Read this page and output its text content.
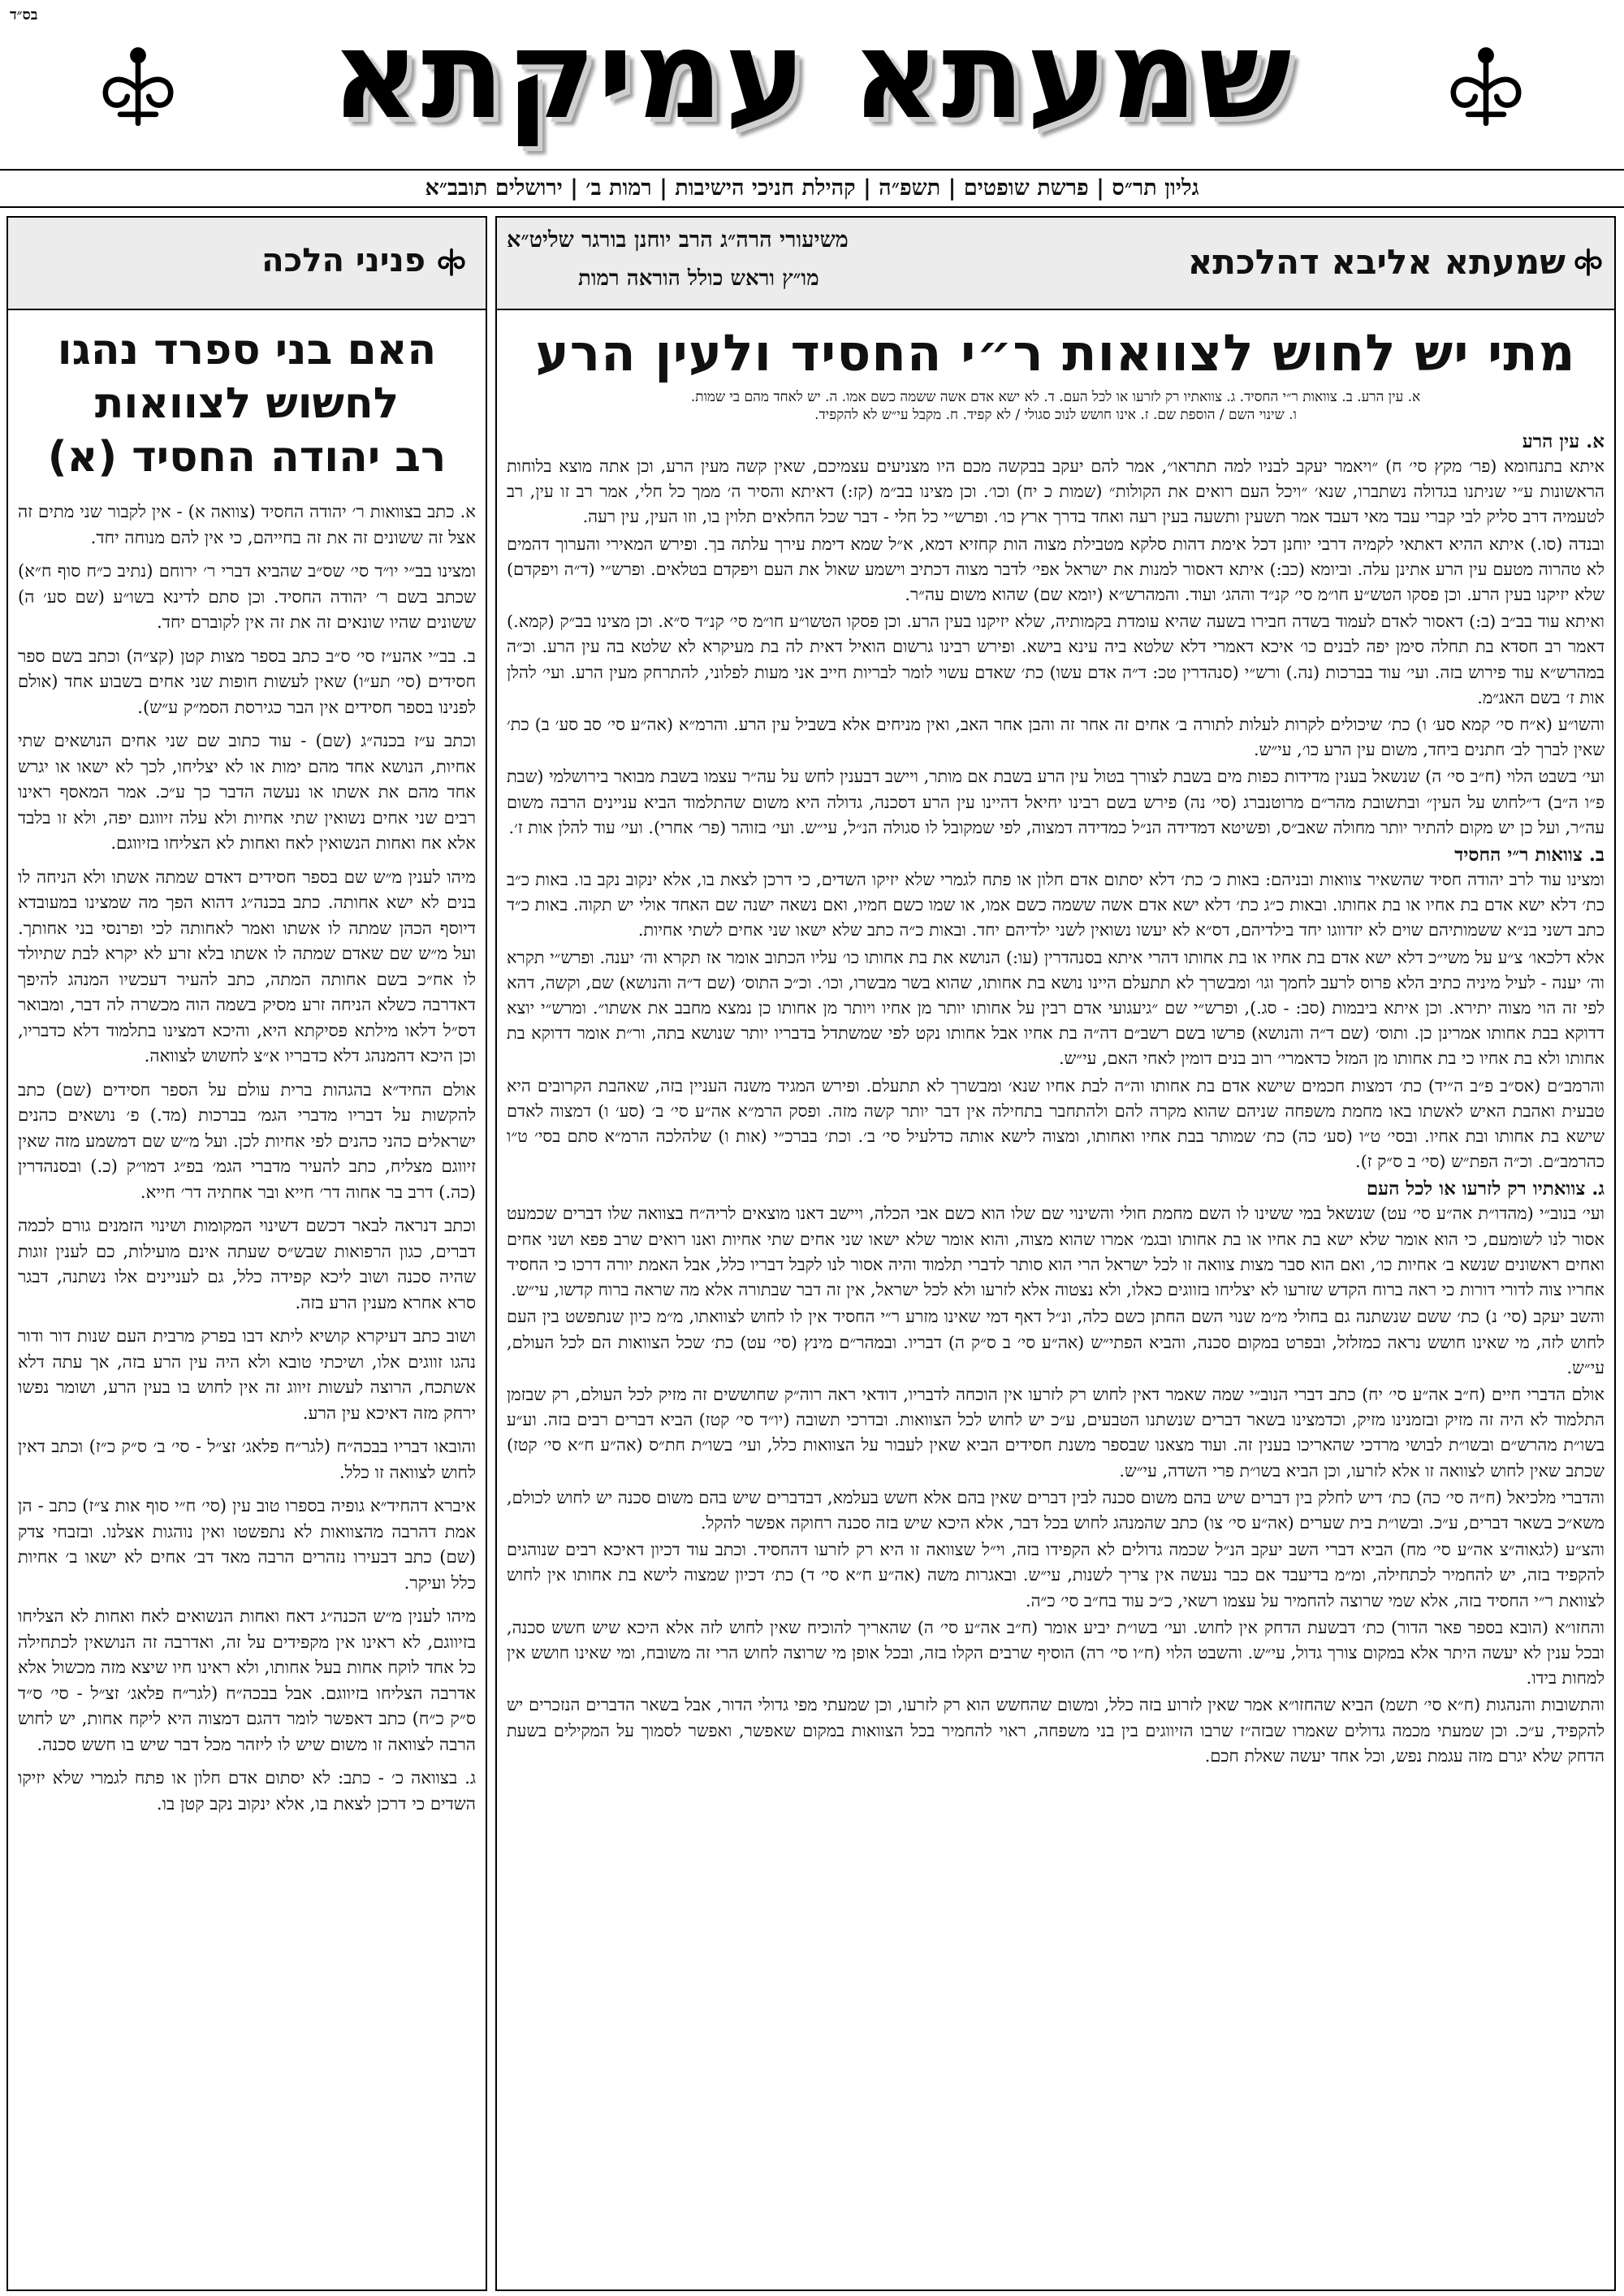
בס״ד	שמעתא עמיקתא
גליון תר״ס | פרשת שופטים | תשפ״ה | קהילת חניכי הישיבות | רמות ב׳ | ירושלים תובב״א
שמעתא אליבא דהלכתא
משיעורי הרה״ג הרב יוחנן בורגר שליט״א
מו״ץ וראש כולל הוראה רמות
מתי יש לחוש לצוואות ר״י החסיד ולעין הרע
א. עין הרע. ב. צוואות ר״י החסיד. ג. צוואתיו רק לזרעו או לכל העם. ד. לא ישא אדם אשה ששמה כשם אמו. ה. יש לאחד מהם בי שמות.
ו. שינוי השם / הוספת שם. ז. אינו חושש לנוכ סגולי / לא קפיד. ח. מקבל עי״ש לא להקפיד.
א. עין הרע

איתא בתנחומא (פר׳ מקץ סי׳ ח) ״ויאמר יעקב לבניו למה תתראו״, אמר להם יעקב בבקשה מכם היו מצניעים עצמיכם, שאין קשה מעין הרע, וכן אתה מוצא בלוחות הראשונות ע״י שניתנו בגדולה נשתברו, שנא׳ ״ויכל העם רואים את הקולות״ (שמות כ יח) וכו׳. וכן מצינו בב״מ (קז:) דאיתא והסיר ה׳ ממך כל חלי, אמר רב זו עין, רב לטעמיה דרב סליק לבי קברי עבד מאי דעבד אמר תשעין ותשעה בעין רעה ואחד בדרך ארץ כו׳. ופרש״י כל חלי - דבר שכל החלאים תלוין בו, וזו העין, עין רעה.

ובנדה (סו.) איתא ההיא דאתאי לקמיה דרבי יוחנן דכל אימת דהות סלקא מטבילת מצוה הות קחזיא דמא, א״ל שמא דימת עירך עלתה בך. ופירש המאירי והערוך דהמים לא טהרוה מטעם עין הרע אתינן עלה. וביומא (כב:) איתא דאסור למנות את ישראל אפי׳ לדבר מצוה דכתיב וישמע שאול את העם ויפקדם בטלאים. ופרש״י (ד״ה ויפקדם) שלא יזיקנו בעין הרע. וכן פסקו הטש״ע חו״מ סי׳ קנ״ד וההג׳ ועוד. והמהרש״א (יומא שם) שהוא משום עה״ר.

ואיתא עוד בב״ב (ב:) דאסור לאדם לעמוד בשדה חבירו בשעה שהיא עומדת בקמותיה, שלא יזיקנו בעין הרע. וכן פסקו הטשו״ע חו״מ סי׳ קנ״ד ס״א. וכן מצינו בב״ק (קמא.) דאמר רב חסדא בת תחלה סימן יפה לבנים כו׳ איכא דאמרי דלא שלטא ביה עינא בישא. ופירש רבינו גרשום הואיל דאית לה בת מעיקרא לא שלטא בה עין הרע. וכ״ה במהרש״א עוד פירוש בזה. ועי׳ עוד בברכות (נה.) ורש״י (סנהדרין טכ: ד״ה אדם עשו) כת׳ שאדם עשוי לומר לבריות חייב אני מעות לפלוני, להתרחק מעין הרע. ועי׳ להלן אות ז׳ בשם האג״מ.

והשו״ע (א״ח סי׳ קמא סע׳ ו) כת׳ שיכולים לקרות לעלות לתורה ב׳ אחים זה אחר זה והבן אחר האב, ואין מניחים אלא בשביל עין הרע. והרמ״א (אה״ע סי׳ סב סע׳ ב) כת׳ שאין לברך לב׳ חתנים ביחד, משום עין הרע כו׳, עי״ש.

ועי׳ בשבט הלוי (ח״ב סי׳ ה) שנשאל בענין מדידות כפות מים בשבת לצורך בטול עין הרע בשבת אם מותר, ויישב דבענין לחש על עה״ר עצמו בשבת מבואר בירושלמי (שבת פ״ו ה״ב) ד״לחוש על העין״ ובתשובת מהר״ם מרוטנברג (סי׳ נה) פירש בשם רבינו יחיאל דהיינו עין הרע דסכנה, גדולה היא משום שהתלמוד הביא עניינים הרבה משום עה״ר, ועל כן יש מקום להתיר יותר מחולה שאב״ס, ופשיטא דמדידה הנ״ל כמדידה דמצוה, לפי שמקובל לו סגולה הנ״ל, עי״ש. ועי׳ בזוהר (פר׳ אחרי). ועי׳ עוד להלן אות ז׳.

ב. צוואות ר״י החסיד

ומצינו עוד לרב יהודה חסיד שהשאיר צוואות ובניהם: באות כ׳ כת׳ דלא יסתום אדם חלון או פתח לגמרי שלא יזיקו השדים, כי דרכן לצאת בו, אלא ינקוב נקב בו. באות כ״ב כת׳ דלא ישא אדם בת אחיו או בת אחותו. ובאות כ״ג כת׳ דלא ישא אדם אשה ששמה כשם אמו, או שמו כשם חמיו, ואם נשאה ישנה שם האחד אולי יש תקוה. באות כ״ד כתב דשני בנ״א ששמותיהם שוים לא יזדווגו יחד בילדיהם, דס״א לא יעשו נשואין לשני ילדיהם יחד. ובאות כ״ה כתב שלא ישאו שני אחים לשתי אחיות.

אלא דלכאו׳ צ״ע על משי״כ דלא ישא אדם בת אחיו או בת אחותו דהרי איתא בסנהדרין (עו:) הנושא את בת אחותו כו׳ עליו הכתוב אומר אז תקרא וה׳ יענה. ופרש״י תקרא וה׳ יענה - לעיל מיניה כתיב הלא פרוס לרעב לחמך וגו׳ ומבשרך לא תתעלם היינו נושא בת אחותו, שהוא בשר מבשרו, וכו׳. וכ״כ התוס׳ (שם ד״ה והנושא) שם, וקשה, דהא לפי זה הוי מצוה יתירא. וכן איתא ביבמות (סב: - סג.), ופרש״י שם ״גיעגועי אדם רבין על אחותו יותר מן אחיו ויותר מן אחותו כן נמצא מחבב את אשתו״. ומרש״י יוצא דדוקא בבת אחותו אמרינן כן. ותוס׳ (שם ד״ה והנושא) פרשו בשם רשב״ם דה״ה בת אחיו אבל אחותו נקט לפי שמשתדל בדבריו יותר שנושא בתה, ור״ת אומר דדוקא בת אחותו ולא בת אחיו כי בת אחותו מן המזל כדאמרי׳ רוב בנים דומין לאחי האם, עי״ש.

והרמב״ם (אס״ב פ״ב ה״יד) כת׳ דמצות חכמים שישא אדם בת אחותו וה״ה לבת אחיו שנא׳ ומבשרך לא תתעלם. ופירש המגיד משנה העניין בזה, שאהבת הקרובים היא טבעית ואהבת האיש לאשתו באו מחמת משפחה שניהם שהוא מקרה להם ולהתחבר בתחילה אין דבר יותר קשה מזה. ופסק הרמ״א אה״ע סי׳ ב׳ (סע׳ ו) דמצוה לאדם שישא בת אחותו ובת אחיו. ובסי׳ ט״ו (סע׳ כה) כת׳ שמותר בבת אחיו ואחותו, ומצוה לישא אותה כדלעיל סי׳ ב׳. וכת׳ בברכ״י (אות ו) שלהלכה הרמ״א סתם בסי׳ ט״ו כהרמב״ם. וכ״ה הפת״ש (סי׳ ב ס״ק ז).

ג. צוואתיו רק לזרעו או לכל העם

ועי׳ בנוב״י (מהדו״ת אה״ע סי׳ עט) שנשאל במי ששינו לו השם מחמת חולי והשינוי שם שלו הוא כשם אבי הכלה, ויישב דאנו מוצאים לריה״ח בצוואה שלו דברים שכמעט אסור לנו לשומעם, כי הוא אומר שלא ישא בת אחיו או בת אחותו ובגמ׳ אמרו שהוא מצוה, והוא אומר שלא ישאו שני אחים שתי אחיות ואנו רואים שרב פפא ושני אחים ואחים ראשונים שנשא ב׳ אחיות כו׳, ואם הוא סבר מצות צוואה זו לכל ישראל הרי הוא סותר לדברי תלמוד והיה אסור לנו לקבל דבריו כלל, אבל האמת יורה דרכו כי החסיד אחריו צוה לדורי דורות כי ראה ברוח הקדש שזרעו לא יצליחו בזווגים כאלו, ולא נצטוה אלא לזרעו ולא לכל ישראל, אין זה דבר שבתורה אלא מה שראה ברוח קדשו, עי״ש.

והשב יעקב (סי׳ נ) כת׳ ששם שנשתנה גם בחולי מ״מ שנוי השם החתן כשם כלה, ונ״ל דאף דמי שאינו מזרע ר״י החסיד אין לו לחוש לצוואתו, מ״מ כיון שנתפשט בין העם לחוש לזה, מי שאינו חושש נראה כמזלזל, ובפרט במקום סכנה, והביא הפתי״ש (אה״ע סי׳ ב ס״ק ה) דבריו. ובמהר״ם מינץ (סי׳ עט) כת׳ שכל הצוואות הם לכל העולם, עי״ש.

אולם הדברי חיים (ח״ב אה״ע סי׳ יח) כתב דברי הנוב״י שמה שאמר דאין לחוש רק לזרעו אין הוכחה לדבריו, דודאי ראה רוה״ק שחוששים זה מזיק לכל העולם, רק שבזמן התלמוד לא היה זה מזיק ובזמנינו מזיק, וכדמצינו בשאר דברים שנשתנו הטבעים, ע״כ יש לחוש לכל הצוואות. ובדרכי תשובה (יו״ד סי׳ קטז) הביא דברים רבים בזה. וע״ע בשו״ת מהרש״ם ובשו״ת לבושי מרדכי שהאריכו בענין זה. ועוד מצאנו שבספר משנת חסידים הביא שאין לעבור על הצוואות כלל, ועי׳ בשו״ת חת״ס (אה״ע ח״א סי׳ קטז) שכתב שאין לחוש לצוואה זו אלא לזרעו, וכן הביא בשו״ת פרי השדה, עי״ש.

והדברי מלכיאל (ח״ה סי׳ כה) כת׳ דיש לחלק בין דברים שיש בהם משום סכנה לבין דברים שאין בהם אלא חשש בעלמא, דבדברים שיש בהם משום סכנה יש לחוש לכולם, משא״כ בשאר דברים, ע״כ. ובשו״ת בית שערים (אה״ע סי׳ צו) כתב שהמנהג לחוש בכל דבר, אלא היכא שיש בזה סכנה רחוקה אפשר להקל.

והצ״ע (לגאוה״צ אה״ע סי׳ מח) הביא דברי השב יעקב הנ״ל שכמה גדולים לא הקפידו בזה, וי״ל שצוואה זו היא רק לזרעו דהחסיד. וכתב עוד דכיון דאיכא רבים שנוהגים להקפיד בזה, יש להחמיר לכתחילה, ומ״מ בדיעבד אם כבר נעשה אין צריך לשנות, עי״ש. ובאגרות משה (אה״ע ח״א סי׳ ד) כת׳ דכיון שמצוה לישא בת אחותו אין לחוש לצוואת ר״י החסיד בזה, אלא שמי שרוצה להחמיר על עצמו רשאי, כ״כ עוד בח״ב סי׳ כ״ה.

והחזו״א (הובא בספר פאר הדור) כת׳ דבשעת הדחק אין לחוש. ועי׳ בשו״ת יביע אומר (ח״ב אה״ע סי׳ ה) שהאריך להוכיח שאין לחוש לזה אלא היכא שיש חשש סכנה, ובכל ענין לא יעשה היתר אלא במקום צורך גדול, עי״ש. והשבט הלוי (ח״ו סי׳ רה) הוסיף שרבים הקלו בזה, ובכל אופן מי שרוצה לחוש הרי זה משובח, ומי שאינו חושש אין למחות בידו.

והתשובות והנהגות (ח״א סי׳ תשמ) הביא שהחזו״א אמר שאין לזרוע בזה כלל, ומשום שהחשש הוא רק לזרעו, וכן שמעתי מפי גדולי הדור, אבל בשאר הדברים הנזכרים יש להקפיד, ע״כ. וכן שמעתי מכמה גדולים שאמרו שבזה״ז שרבו הזיווגים בין בני משפחה, ראוי להחמיר בכל הצוואות במקום שאפשר, ואפשר לסמוך על המקילים בשעת הדחק שלא יגרם מזה עגמת נפש, וכל אחד יעשה שאלת חכם.

פניני הלכה
האם בני ספרד נהגו
לחשוש לצוואות
רב יהודה החסיד (א)

א. כתב בצוואות ר׳ יהודה החסיד (צוואה א) - אין לקבור שני מתים זה אצל זה ששונים זה את זה בחייהם, כי אין להם מנוחה יחד.

ומצינו בב״י יו״ד סי׳ שס״ב שהביא דברי ר׳ ירוחם (נתיב כ״ח סוף ח״א) שכתב בשם ר׳ יהודה החסיד. וכן סתם לדינא בשו״ע (שם סע׳ ה) ששונים שהיו שונאים זה את זה אין לקוברם יחד.

ב. בב״י אהע״ז סי׳ ס״ב כתב בספר מצות קטן (קצ״ה) וכתב בשם ספר חסידים (סי׳ תע״ו) שאין לעשות חופות שני אחים בשבוע אחד (אולם לפנינו בספר חסידים אין הבר כגירסת הסמ״ק ע״ש).

וכתב ע״ז בכנה״ג (שם) - עוד כתוב שם שני אחים הנושאים שתי אחיות, הנושא אחד מהם ימות או לא יצליחו, לכך לא ישאו או יגרש אחד מהם את אשתו או נעשה הדבר כך ע״כ. אמר המאסף ראינו רבים שני אחים נשואין שתי אחיות ולא עלה זיווגם יפה, ולא זו בלבד אלא אח ואחות הנשואין לאח ואחות לא הצליחו בזיווגם.

מיהו לענין מ״ש שם בספר חסידים דאדם שמתה אשתו ולא הניחה לו בנים לא ישא אחותה. כתב בכנה״ג דהוא הפך מה שמצינו במעובדא דיוסף הכהן שמתה לו אשתו ואמר לאחותה לכי ופרנסי בני אחותך. ועל מ״ש שם שאדם שמתה לו אשתו בלא זרע לא יקרא לבת שתיולד לו אח״כ בשם אחותה המתה, כתב להעיר דעכשיו המנהג להיפך דאדרבה כשלא הניחה זרע מסיק בשמה הוה מכשרה לה דבר, ומבואר דס״ל דלאו מילתא פסיקתא היא, והיכא דמצינו בתלמוד דלא כדבריו, וכן היכא דהמנהג דלא כדבריו א״צ לחשוש לצוואה.

אולם החיד״א בהגהות ברית עולם על הספר חסידים (שם) כתב להקשות על דבריו מדברי הגמ׳ בברכות (מד.) פ׳ נושאים כהנים ישראלים כהני כהנים לפי אחיות לכן. ועל מ״ש שם דמשמע מזה שאין זיווגם מצליח, כתב להעיר מדברי הגמ׳ בפ״ג דמו״ק (כ.) ובסנהדרין (כה.) דרב בר אחוה דר׳ חייא ובר אחתיה דר׳ חייא.

וכתב דנראה לבאר דכשם דשינוי המקומות ושינוי הזמנים גורם לכמה דברים, כגון הרפואות שבש״ס שעתה אינם מועילות, כם לענין זוגות שהיה סכנה ושוב ליכא קפידה כלל, גם לעניינים אלו נשתנה, דבגר סרא אחרא מענין הרע בזה.

ושוב כתב דעיקרא קושיא ליתא דבו בפרק מרבית העם שנות דור ודור נהגו זווגים אלו, ושיכתי טובא ולא היה עין הרע בזה, אך עתה דלא אשתכח, הרוצה לעשות זיווג זה אין לחוש בו בעין הרע, ושומר נפשו ירחק מזה דאיכא עין הרע.

והובאו דבריו בבכה״ח (לגר״ח פלאג׳ זצ״ל - סי׳ ב׳ ס״ק כ״ז) וכתב דאין לחוש לצוואה זו כלל.

איברא דהחיד״א גופיה בספרו טוב עין (סי׳ ח״י סוף אות צ״ז) כתב - הן אמת דהרבה מהצוואות לא נתפשטו ואין נוהגות אצלנו. ובזבחי צדק (שם) כתב דבעירו נזהרים הרבה מאד דב׳ אחים לא ישאו ב׳ אחיות כלל ועיקר.

מיהו לענין מ״ש הכנה״ג דאח ואחות הנשואים לאח ואחות לא הצליחו בזיווגם, לא ראינו אין מקפידים על זה, ואדרבה זה הנושאין לכתחילה כל אחד לוקח אחות בעל אחותו, ולא ראינו חיו שיצא מזה מכשול אלא אדרבה הצליחו בזיווגם. אבל בבכה״ח (לגר״ח פלאג׳ זצ״ל - סי׳ ס״ד ס״ק כ״ח) כתב דאפשר לומר דהגם דמצוה היא ליקח אחות, יש לחוש הרבה לצוואה זו משום שיש לו ליזהר מכל דבר שיש בו חשש סכנה.

ג. בצוואה כ׳ - כתב: לא יסתום אדם חלון או פתח לגמרי שלא יזיקו השדים כי דרכן לצאת בו, אלא ינקוב נקב קטן בו.
